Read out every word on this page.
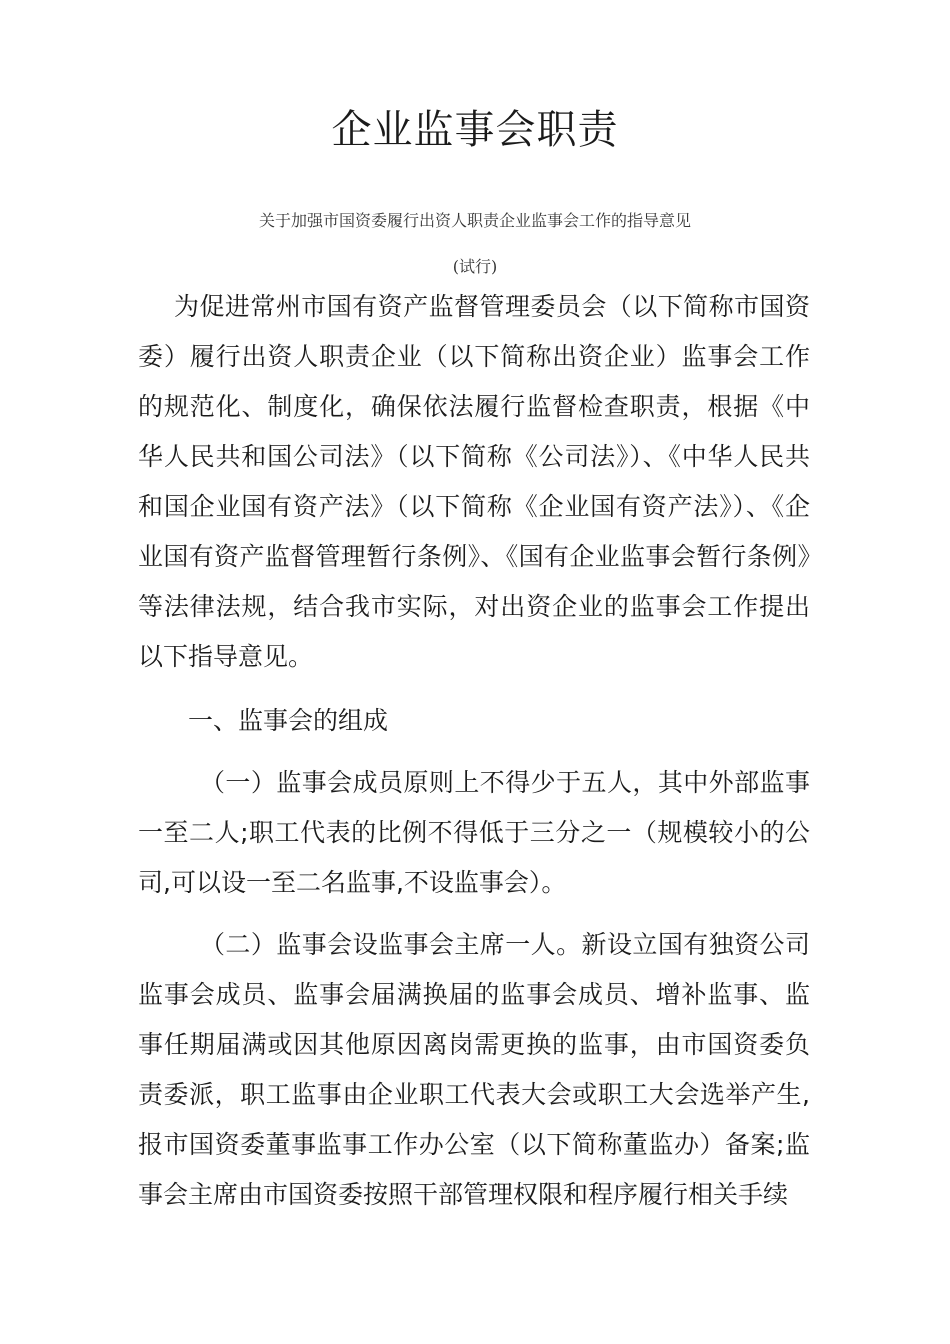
企业监事会职责
关于加强市国资委履行出资人职责企业监事会工作的指导意见
(试行)

为促进常州市国有资产监督管理委员会（以下简称市国资委）履行出资人职责企业（以下简称出资企业）监事会工作的规范化、制度化，确保依法履行监督检查职责，根据《中华人民共和国公司法》（以下简称《公司法》）、《中华人民共和国企业国有资产法》（以下简称《企业国有资产法》）、《企业国有资产监督管理暂行条例》、《国有企业监事会暂行条例》等法律法规，结合我市实际，对出资企业的监事会工作提出以下指导意见。

一、监事会的组成

（一）监事会成员原则上不得少于五人，其中外部监事一至二人;职工代表的比例不得低于三分之一（规模较小的公司,可以设一至二名监事,不设监事会）。

（二）监事会设监事会主席一人。新设立国有独资公司监事会成员、监事会届满换届的监事会成员、增补监事、监事任期届满或因其他原因离岗需更换的监事，由市国资委负责委派，职工监事由企业职工代表大会或职工大会选举产生,报市国资委董事监事工作办公室（以下简称董监办）备案;监事会主席由市国资委按照干部管理权限和程序履行相关手续
